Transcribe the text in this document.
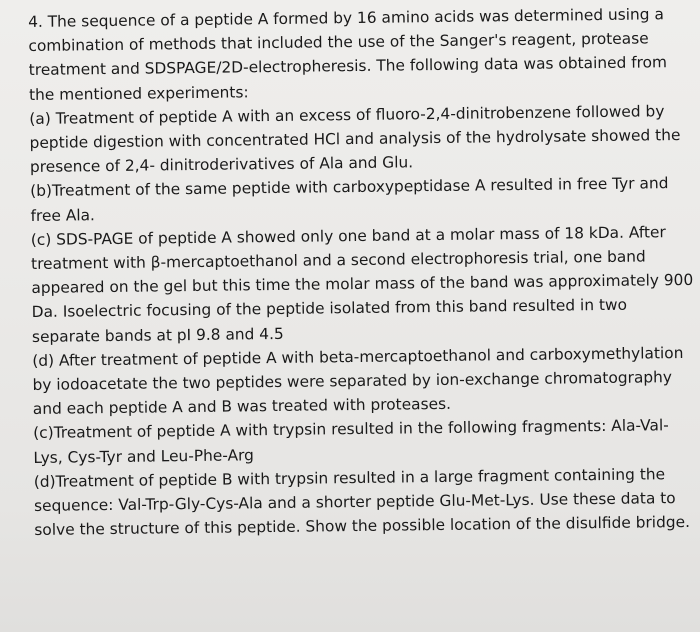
4. The sequence of a peptide A formed by 16 amino acids was determined using a combination of methods that included the use of the Sanger's reagent, protease treatment and SDSPAGE/2D-electropheresis. The following data was obtained from the mentioned experiments:

(a) Treatment of peptide A with an excess of fluoro-2,4-dinitrobenzene followed by peptide digestion with concentrated HCl and analysis of the hydrolysate showed the presence of 2,4- dinitroderivatives of Ala and Glu.

(b)Treatment of the same peptide with carboxypeptidase A resulted in free Tyr and free Ala.

(c) SDS-PAGE of peptide A showed only one band at a molar mass of 18 kDa. After treatment with β-mercaptoethanol and a second electrophoresis trial, one band appeared on the gel but this time the molar mass of the band was approximately 900 Da. Isoelectric focusing of the peptide isolated from this band resulted in two separate bands at pI 9.8 and 4.5

(d) After treatment of peptide A with beta-mercaptoethanol and carboxymethylation by iodoacetate the two peptides were separated by ion-exchange chromatography and each peptide A and B was treated with proteases.

(c)Treatment of peptide A with trypsin resulted in the following fragments: Ala-Val-Lys, Cys-Tyr and Leu-Phe-Arg

(d)Treatment of peptide B with trypsin resulted in a large fragment containing the sequence: Val-Trp-Gly-Cys-Ala and a shorter peptide Glu-Met-Lys. Use these data to solve the structure of this peptide. Show the possible location of the disulfide bridge.

​
